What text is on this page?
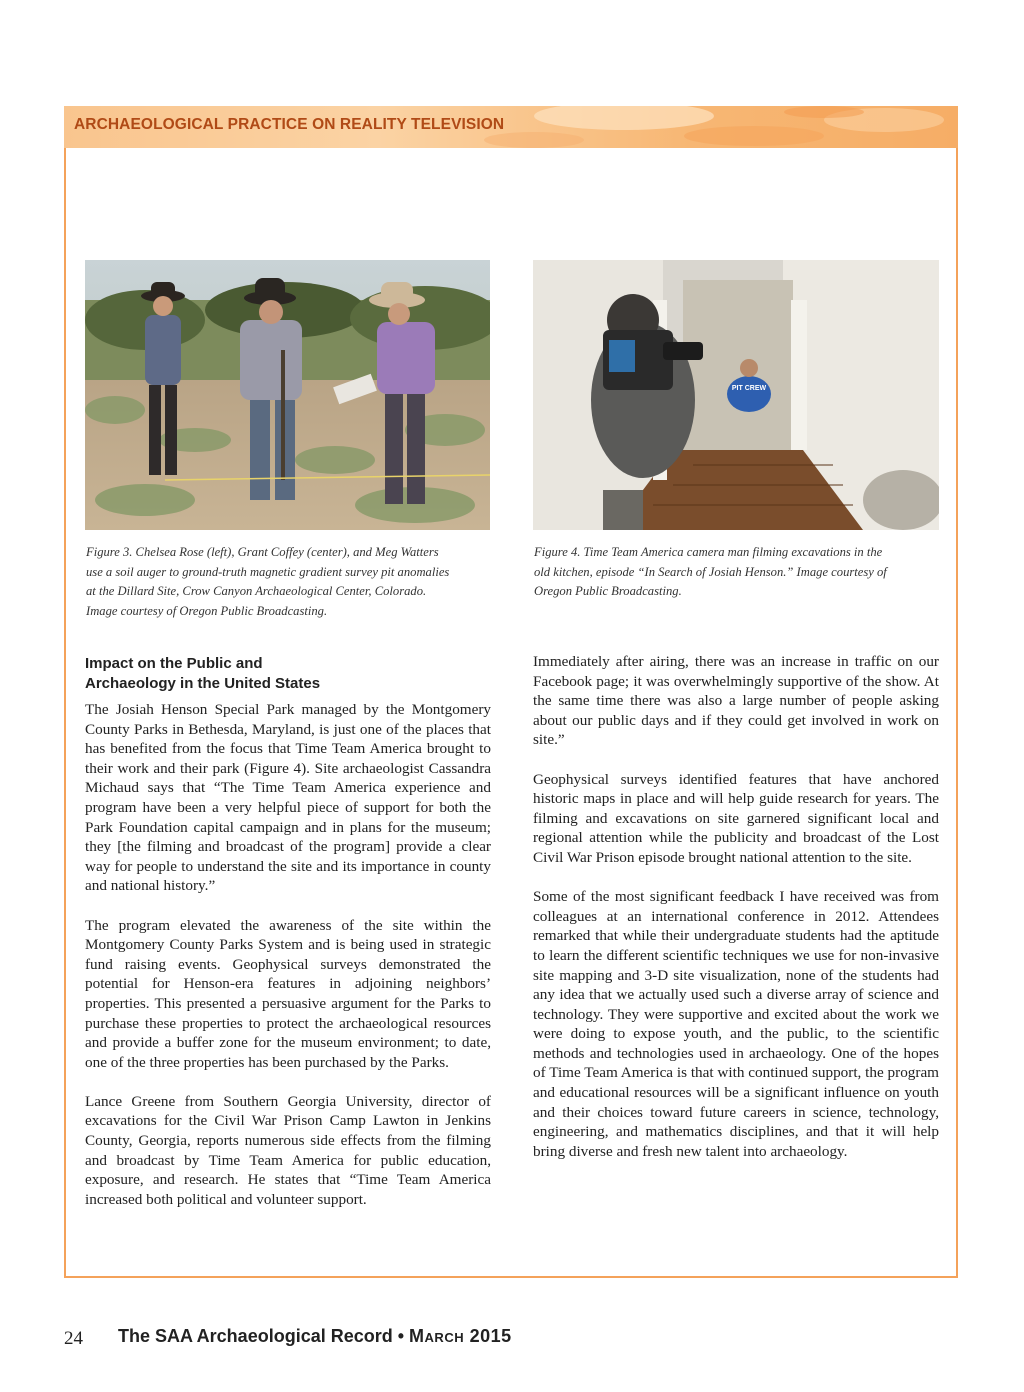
ARCHAEOLOGICAL PRACTICE ON REALITY TELEVISION
PIT CREW
Figure 3. Chelsea Rose (left), Grant Coffey (center), and Meg Watters
use a soil auger to ground-truth magnetic gradient survey pit anomalies
at the Dillard Site, Crow Canyon Archaeological Center, Colorado.
Image courtesy of Oregon Public Broadcasting.
Figure 4. Time Team America camera man filming excavations in the
old kitchen, episode “In Search of Josiah Henson.” Image courtesy of
Oregon Public Broadcasting.
Impact on the Public and
Archaeology in the United States

The Josiah Henson Special Park managed by the Montgomery County Parks in Bethesda, Maryland, is just one of the places that has benefited from the focus that Time Team America brought to their work and their park (Figure 4). Site archaeologist Cassandra Michaud says that “The Time Team America experience and program have been a very helpful piece of support for both the Park Foundation capital campaign and in plans for the museum; they [the filming and broadcast of the program] provide a clear way for people to understand the site and its importance in county and national history.”

The program elevated the awareness of the site within the Montgomery County Parks System and is being used in strategic fund raising events. Geophysical surveys demonstrated the potential for Henson-era features in adjoining neighbors’ properties. This presented a persuasive argument for the Parks to purchase these properties to protect the archaeological resources and provide a buffer zone for the museum environment; to date, one of the three properties has been purchased by the Parks.

Lance Greene from Southern Georgia University, director of excavations for the Civil War Prison Camp Lawton in Jenkins County, Georgia, reports numerous side effects from the filming and broadcast by Time Team America for public education, exposure, and research. He states that “Time Team America increased both political and volunteer support.

Immediately after airing, there was an increase in traffic on our Facebook page; it was overwhelmingly supportive of the show. At the same time there was also a large number of people asking about our public days and if they could get involved in work on site.”

Geophysical surveys identified features that have anchored historic maps in place and will help guide research for years. The filming and excavations on site garnered significant local and regional attention while the publicity and broadcast of the Lost Civil War Prison episode brought national attention to the site.

Some of the most significant feedback I have received was from colleagues at an international conference in 2012. Attendees remarked that while their undergraduate students had the aptitude to learn the different scientific techniques we use for non-invasive site mapping and 3-D site visualization, none of the students had any idea that we actually used such a diverse array of science and technology. They were supportive and excited about the work we were doing to expose youth, and the public, to the scientific methods and technologies used in archaeology. One of the hopes of Time Team America is that with continued support, the program and educational resources will be a significant influence on youth and their choices toward future careers in science, technology, engineering, and mathematics disciplines, and that it will help bring diverse and fresh new talent into archaeology.

24 The SAA Archaeological Record • March 2015
